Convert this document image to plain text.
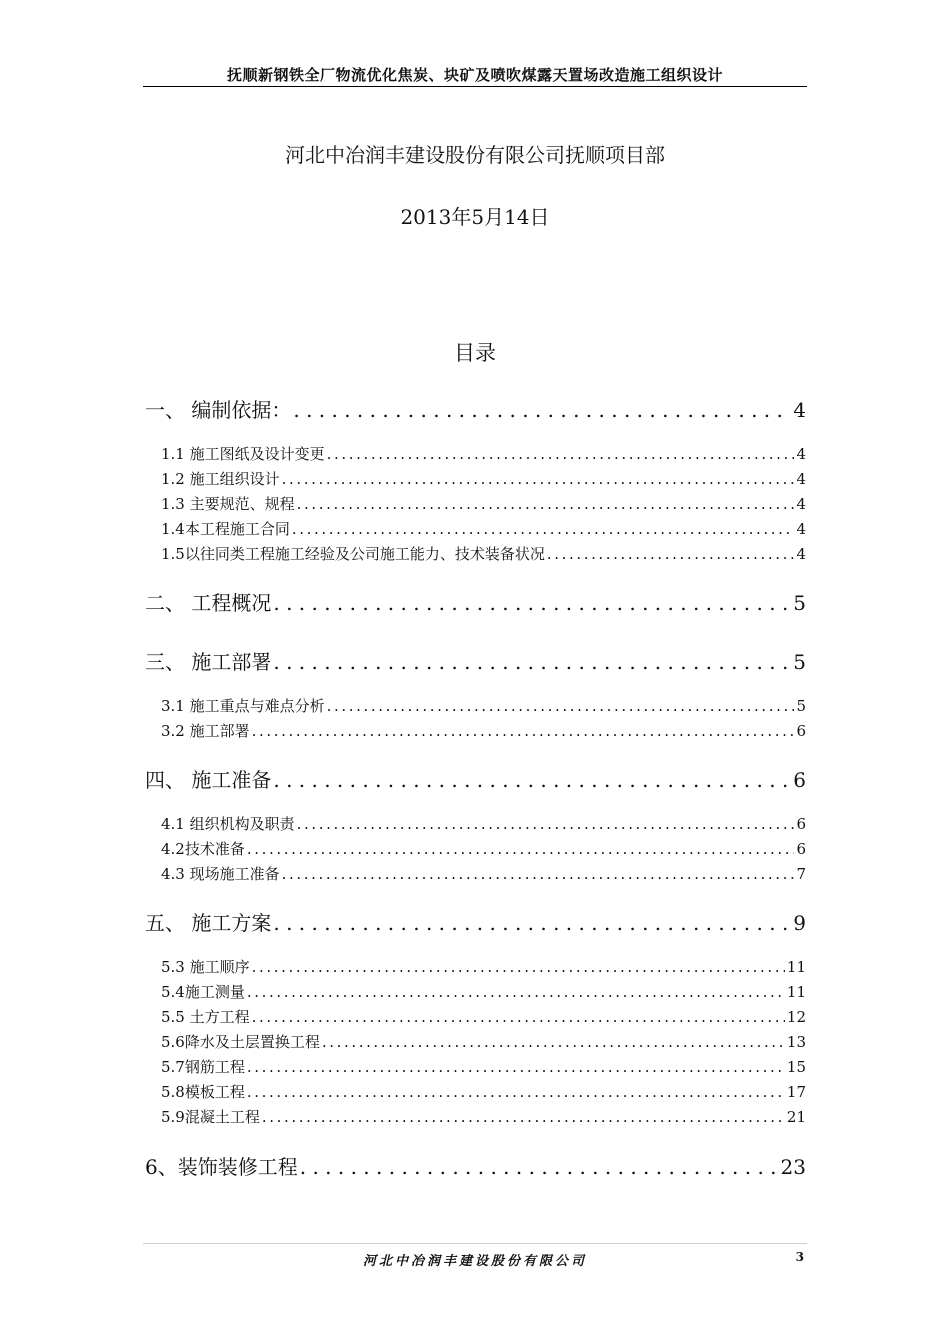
抚顺新钢铁全厂物流优化焦炭、块矿及喷吹煤露天置场改造施工组织设计
河北中冶润丰建设股份有限公司抚顺项目部
2013年5月14日
目录
一、 编制依据： . . .	4
1.1 施工图纸及设计变更 .....	4
1.2 施工组织设计 .....	4
1.3 主要规范、规程 .....	4
1.4本工程施工合同 .....	4
1.5以往同类工程施工经验及公司施工能力、技术装备状况 .....	4
二、 工程概况 . . .	5
三、 施工部署 . . .	5
3.1 施工重点与难点分析 .....	5
3.2 施工部署 .....	6
四、 施工准备 . . .	6
4.1 组织机构及职责 .....	6
4.2技术准备 .....	6
4.3 现场施工准备 .....	7
五、 施工方案 . . .	9
5.3 施工顺序 .....	11
5.4施工测量 .....	11
5.5 土方工程 .....	12
5.6降水及土层置换工程 .....	13
5.7钢筋工程 .....	15
5.8模板工程 .....	17
5.9混凝土工程 .....	21
6、装饰装修工程 . . .	23
河北中冶润丰建设股份有限公司	3
